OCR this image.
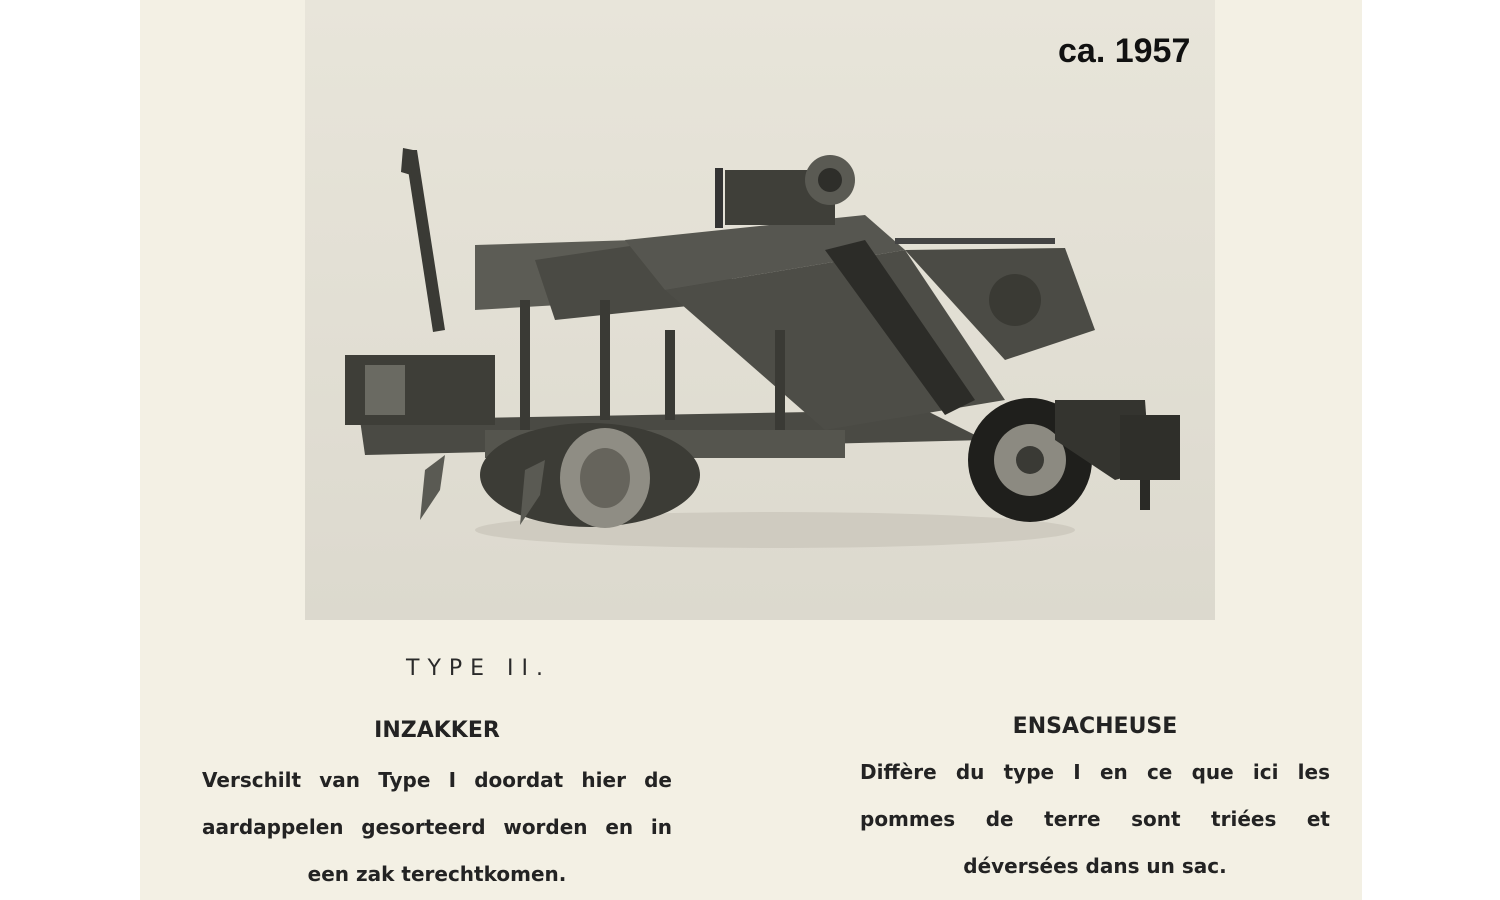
ca. 1957
TYPE II.
INZAKKER

Verschilt van Type I doordat hier de aardappelen gesorteerd worden en in een zak terechtkomen.

ENSACHEUSE

Diffère du type I en ce que ici les pommes de terre sont triées et déversées dans un sac.
